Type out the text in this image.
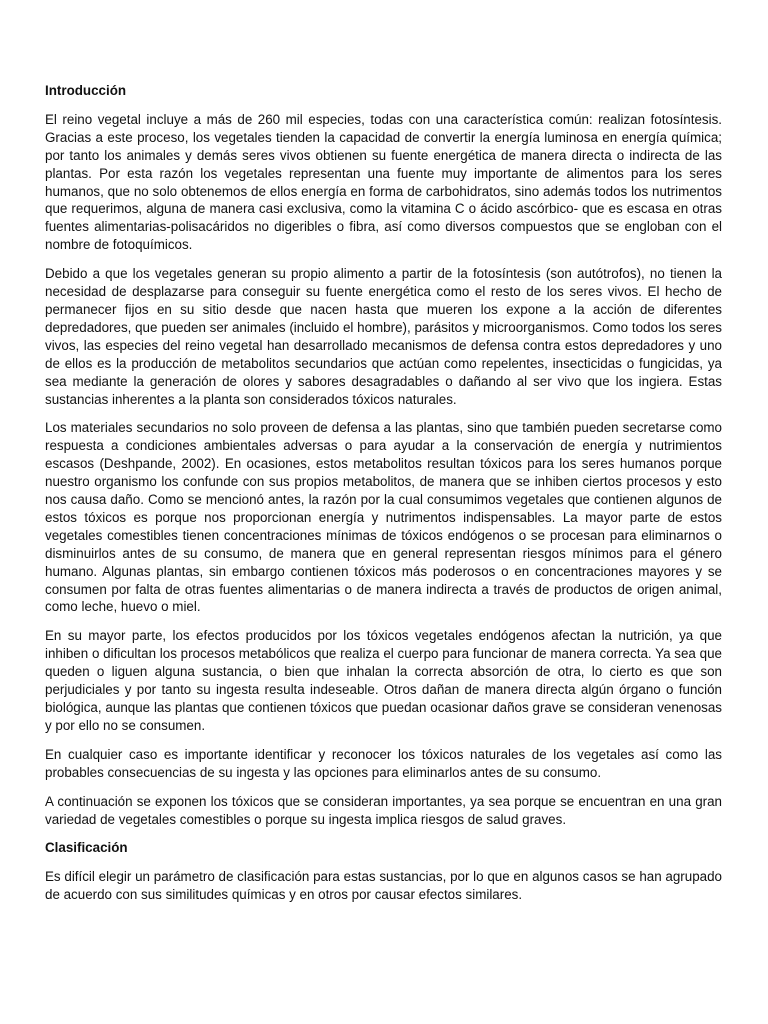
Introducción

El reino vegetal incluye a más de 260 mil especies, todas con una característica común: realizan fotosíntesis. Gracias a este proceso, los vegetales tienden la capacidad de convertir la energía luminosa en energía química; por tanto los animales y demás seres vivos obtienen su fuente energética de manera directa o indirecta de las plantas. Por esta razón los vegetales representan una fuente muy importante de alimentos para los seres humanos, que no solo obtenemos de ellos energía en forma de carbohidratos, sino además todos los nutrimentos que requerimos, alguna de manera casi exclusiva, como la vitamina C o ácido ascórbico- que es escasa en otras fuentes alimentarias-polisacáridos no digeribles o fibra, así como diversos compuestos que se engloban con el nombre de fotoquímicos.

Debido a que los vegetales generan su propio alimento a partir de la fotosíntesis (son autótrofos), no tienen la necesidad de desplazarse para conseguir su fuente energética como el resto de los seres vivos. El hecho de permanecer fijos en su sitio desde que nacen hasta que mueren los expone a la acción de diferentes depredadores, que pueden ser animales (incluido el hombre), parásitos y microorganismos. Como todos los seres vivos, las especies del reino vegetal han desarrollado mecanismos de defensa contra estos depredadores y uno de ellos es la producción de metabolitos secundarios que actúan como repelentes, insecticidas o fungicidas, ya sea mediante la generación de olores y sabores desagradables o dañando al ser vivo que los ingiera. Estas sustancias inherentes a la planta son considerados tóxicos naturales.

Los materiales secundarios no solo proveen de defensa a las plantas, sino que también pueden secretarse como respuesta a condiciones ambientales adversas o para ayudar a la conservación de energía y nutrimientos escasos (Deshpande, 2002). En ocasiones, estos metabolitos resultan tóxicos para los seres humanos porque nuestro organismo los confunde con sus propios metabolitos, de manera que se inhiben ciertos procesos y esto nos causa daño. Como se mencionó antes, la razón por la cual consumimos vegetales que contienen algunos de estos tóxicos es porque nos proporcionan energía y nutrimentos indispensables. La mayor parte de estos vegetales comestibles tienen concentraciones mínimas de tóxicos endógenos o se procesan para eliminarnos o disminuirlos antes de su consumo, de manera que en general representan riesgos mínimos para el género humano. Algunas plantas, sin embargo contienen tóxicos más poderosos o en concentraciones mayores y se consumen por falta de otras fuentes alimentarias o de manera indirecta a través de productos de origen animal, como leche, huevo o miel.

En su mayor parte, los efectos producidos por los tóxicos vegetales endógenos afectan la nutrición, ya que inhiben o dificultan los procesos metabólicos que realiza el cuerpo para funcionar de manera correcta. Ya sea que queden o liguen alguna sustancia, o bien que inhalan la correcta absorción de otra, lo cierto es que son perjudiciales y por tanto su ingesta resulta indeseable. Otros dañan de manera directa algún órgano o función biológica, aunque las plantas que contienen tóxicos que puedan ocasionar daños grave se consideran venenosas y por ello no se consumen.

En cualquier caso es importante identificar y reconocer los tóxicos naturales de los vegetales así como las probables consecuencias de su ingesta y las opciones para eliminarlos antes de su consumo.

A continuación se exponen los tóxicos que se consideran importantes, ya sea porque se encuentran en una gran variedad de vegetales comestibles o porque su ingesta implica riesgos de salud graves.

Clasificación

Es difícil elegir un parámetro de clasificación para estas sustancias, por lo que en algunos casos se han agrupado de acuerdo con sus similitudes químicas y en otros por causar efectos similares.
